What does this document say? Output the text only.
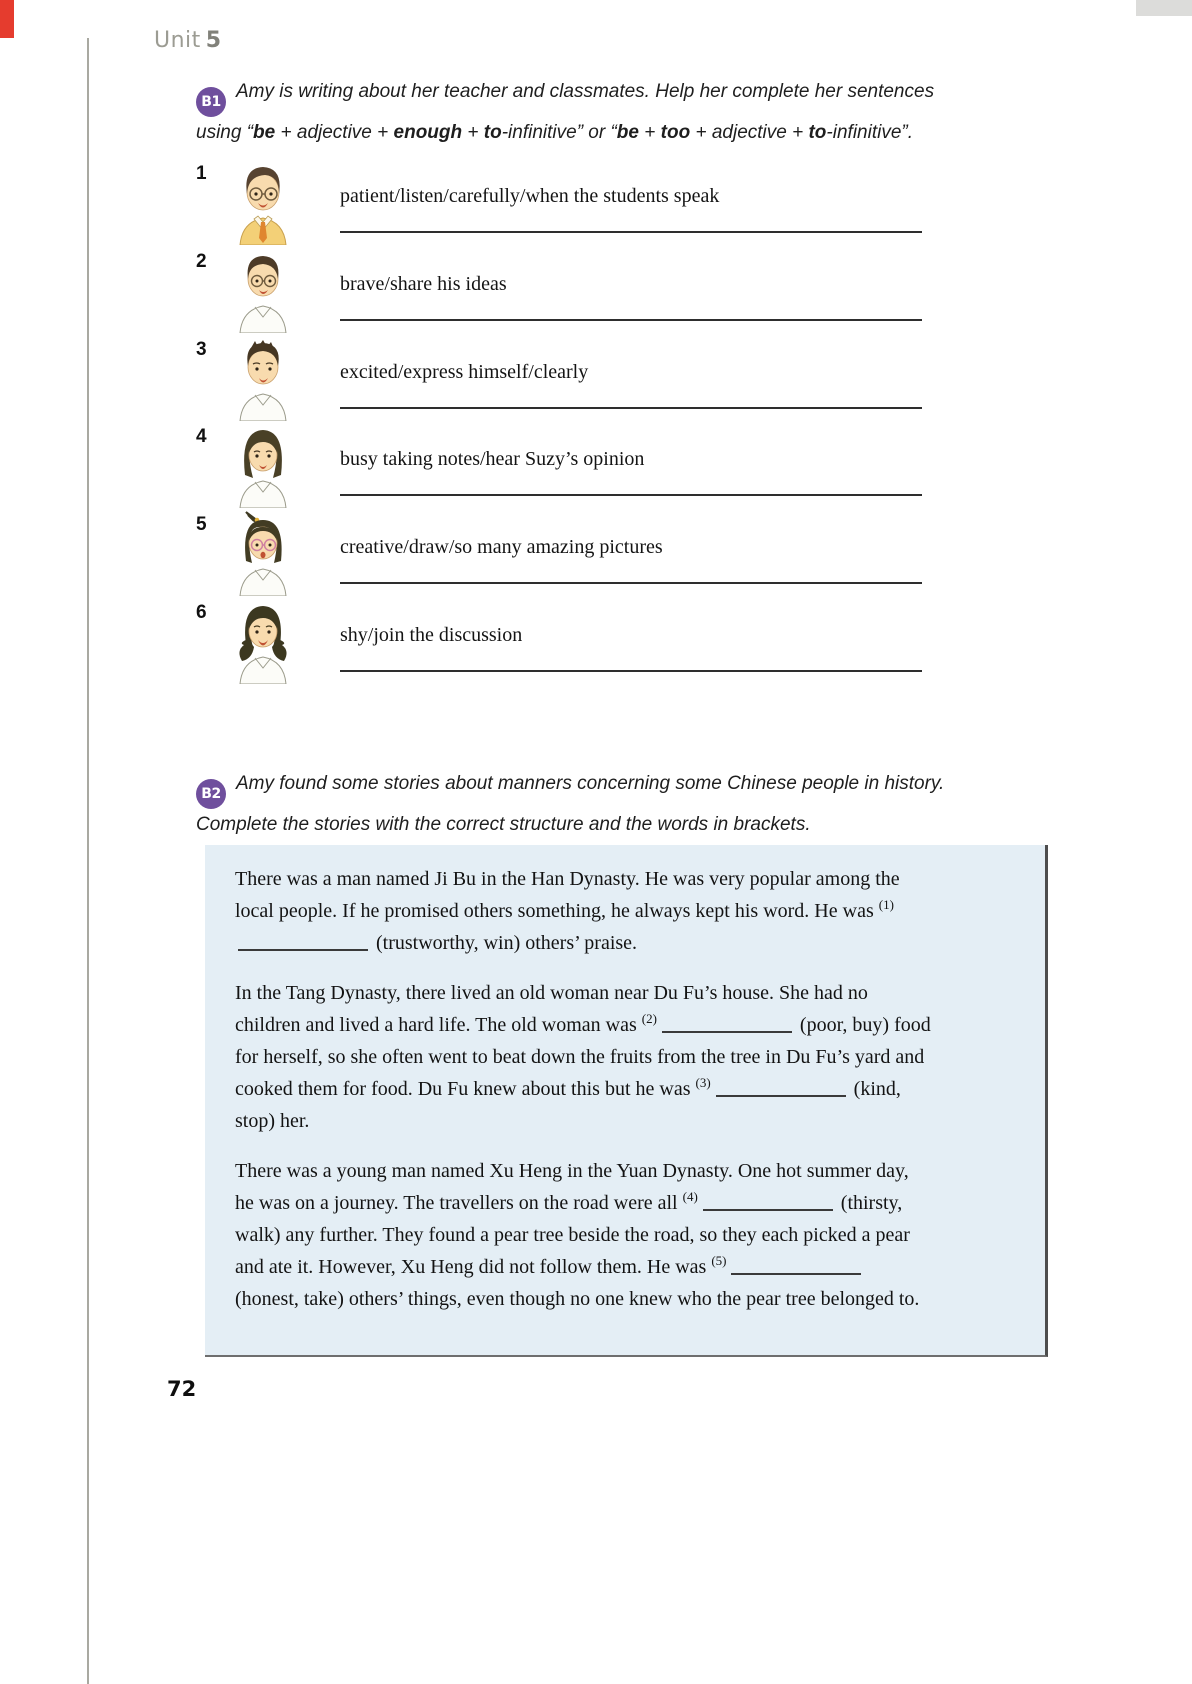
Unit 5
B1 Amy is writing about her teacher and classmates. Help her complete her sentences using “be + adjective + enough + to-infinitive” or “be + too + adjective + to-infinitive”.
1
patient/listen/carefully/when the students speak
2
brave/share his ideas
3
excited/express himself/clearly
4
busy taking notes/hear Suzy’s opinion
5
creative/draw/so many amazing pictures
6
shy/join the discussion
B2 Amy found some stories about manners concerning some Chinese people in history. Complete the stories with the correct structure and the words in brackets.

There was a man named Ji Bu in the Han Dynasty. He was very popular among the local people. If he promised others something, he always kept his word. He was $^{(1)}$ (trustworthy, win) others’ praise.

In the Tang Dynasty, there lived an old woman near Du Fu’s house. She had no children and lived a hard life. The old woman was $^{(2)}$	(poor, buy) food for herself, so she often went to beat down the fruits from the tree in Du Fu’s yard and cooked them for food. Du Fu knew about this but he was $^{(3)}$	(kind, stop) her.

There was a young man named Xu Heng in the Yuan Dynasty. One hot summer day, he was on a journey. The travellers on the road were all $^{(4)}$	(thirsty, walk) any further. They found a pear tree beside the road, so they each picked a pear and ate it. However, Xu Heng did not follow them. He was $^{(5)}$ (honest, take) others’ things, even though no one knew who the pear tree belonged to.

72
